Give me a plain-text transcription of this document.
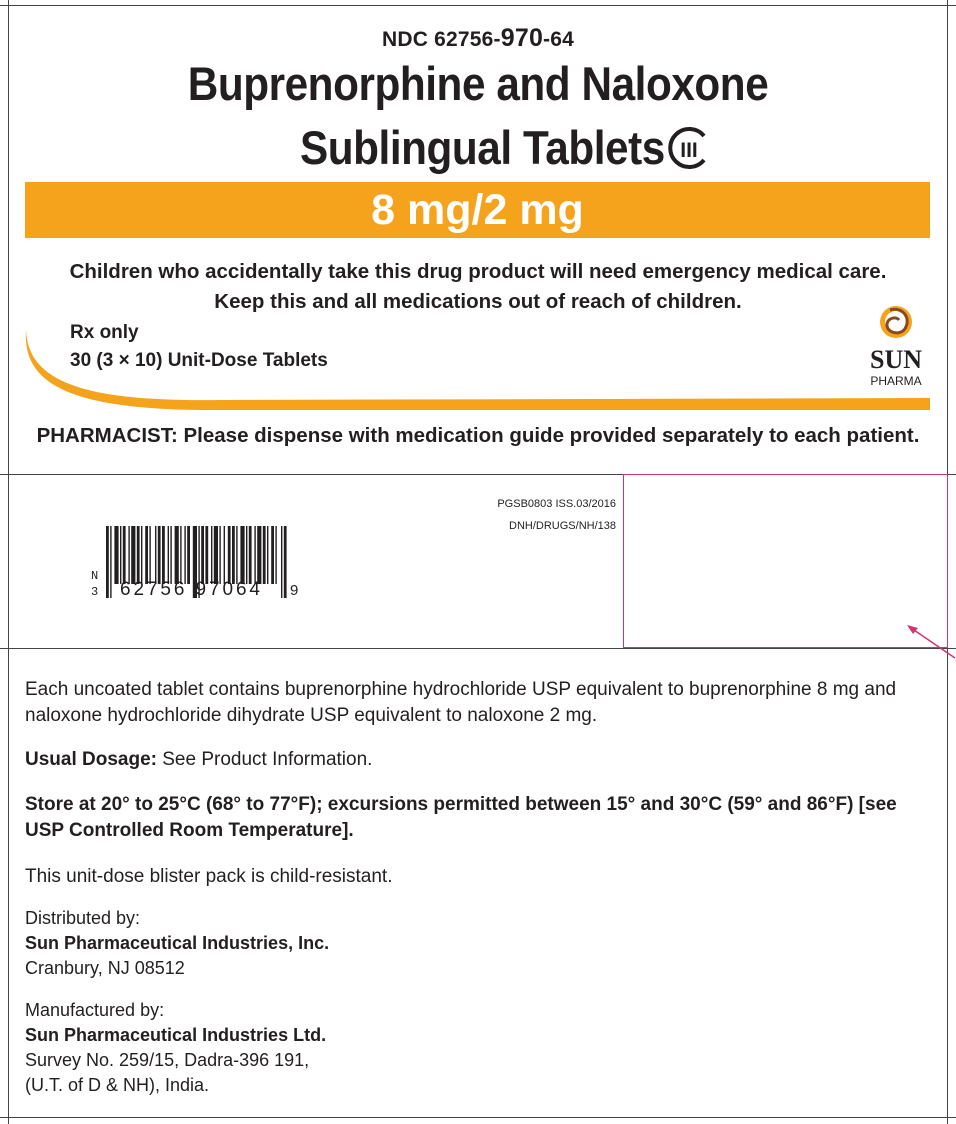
NDC 62756-970-64
Buprenorphine and Naloxone
Sublingual Tablets III
8 mg/2 mg
Children who accidentally take this drug product will need emergency medical care.
Keep this and all medications out of reach of children.
Rx only
30 (3 × 10) Unit-Dose Tablets	SUN
PHARMA
PHARMACIST: Please dispense with medication guide provided separately to each patient.
PGSB0803 ISS.03/2016
DNH/DRUGS/NH/138
N
3 62756 97064 9
Each uncoated tablet contains buprenorphine hydrochloride USP equivalent to buprenorphine 8 mg and naloxone hydrochloride dihydrate USP equivalent to naloxone 2 mg.
Usual Dosage: See Product Information.
Store at 20° to 25°C (68° to 77°F); excursions permitted between 15° and 30°C (59° and 86°F) [see USP Controlled Room Temperature].
This unit-dose blister pack is child-resistant.
Distributed by:
Sun Pharmaceutical Industries, Inc.
Cranbury, NJ 08512
Manufactured by:
Sun Pharmaceutical Industries Ltd.
Survey No. 259/15, Dadra-396 191,
(U.T. of D & NH), India.
